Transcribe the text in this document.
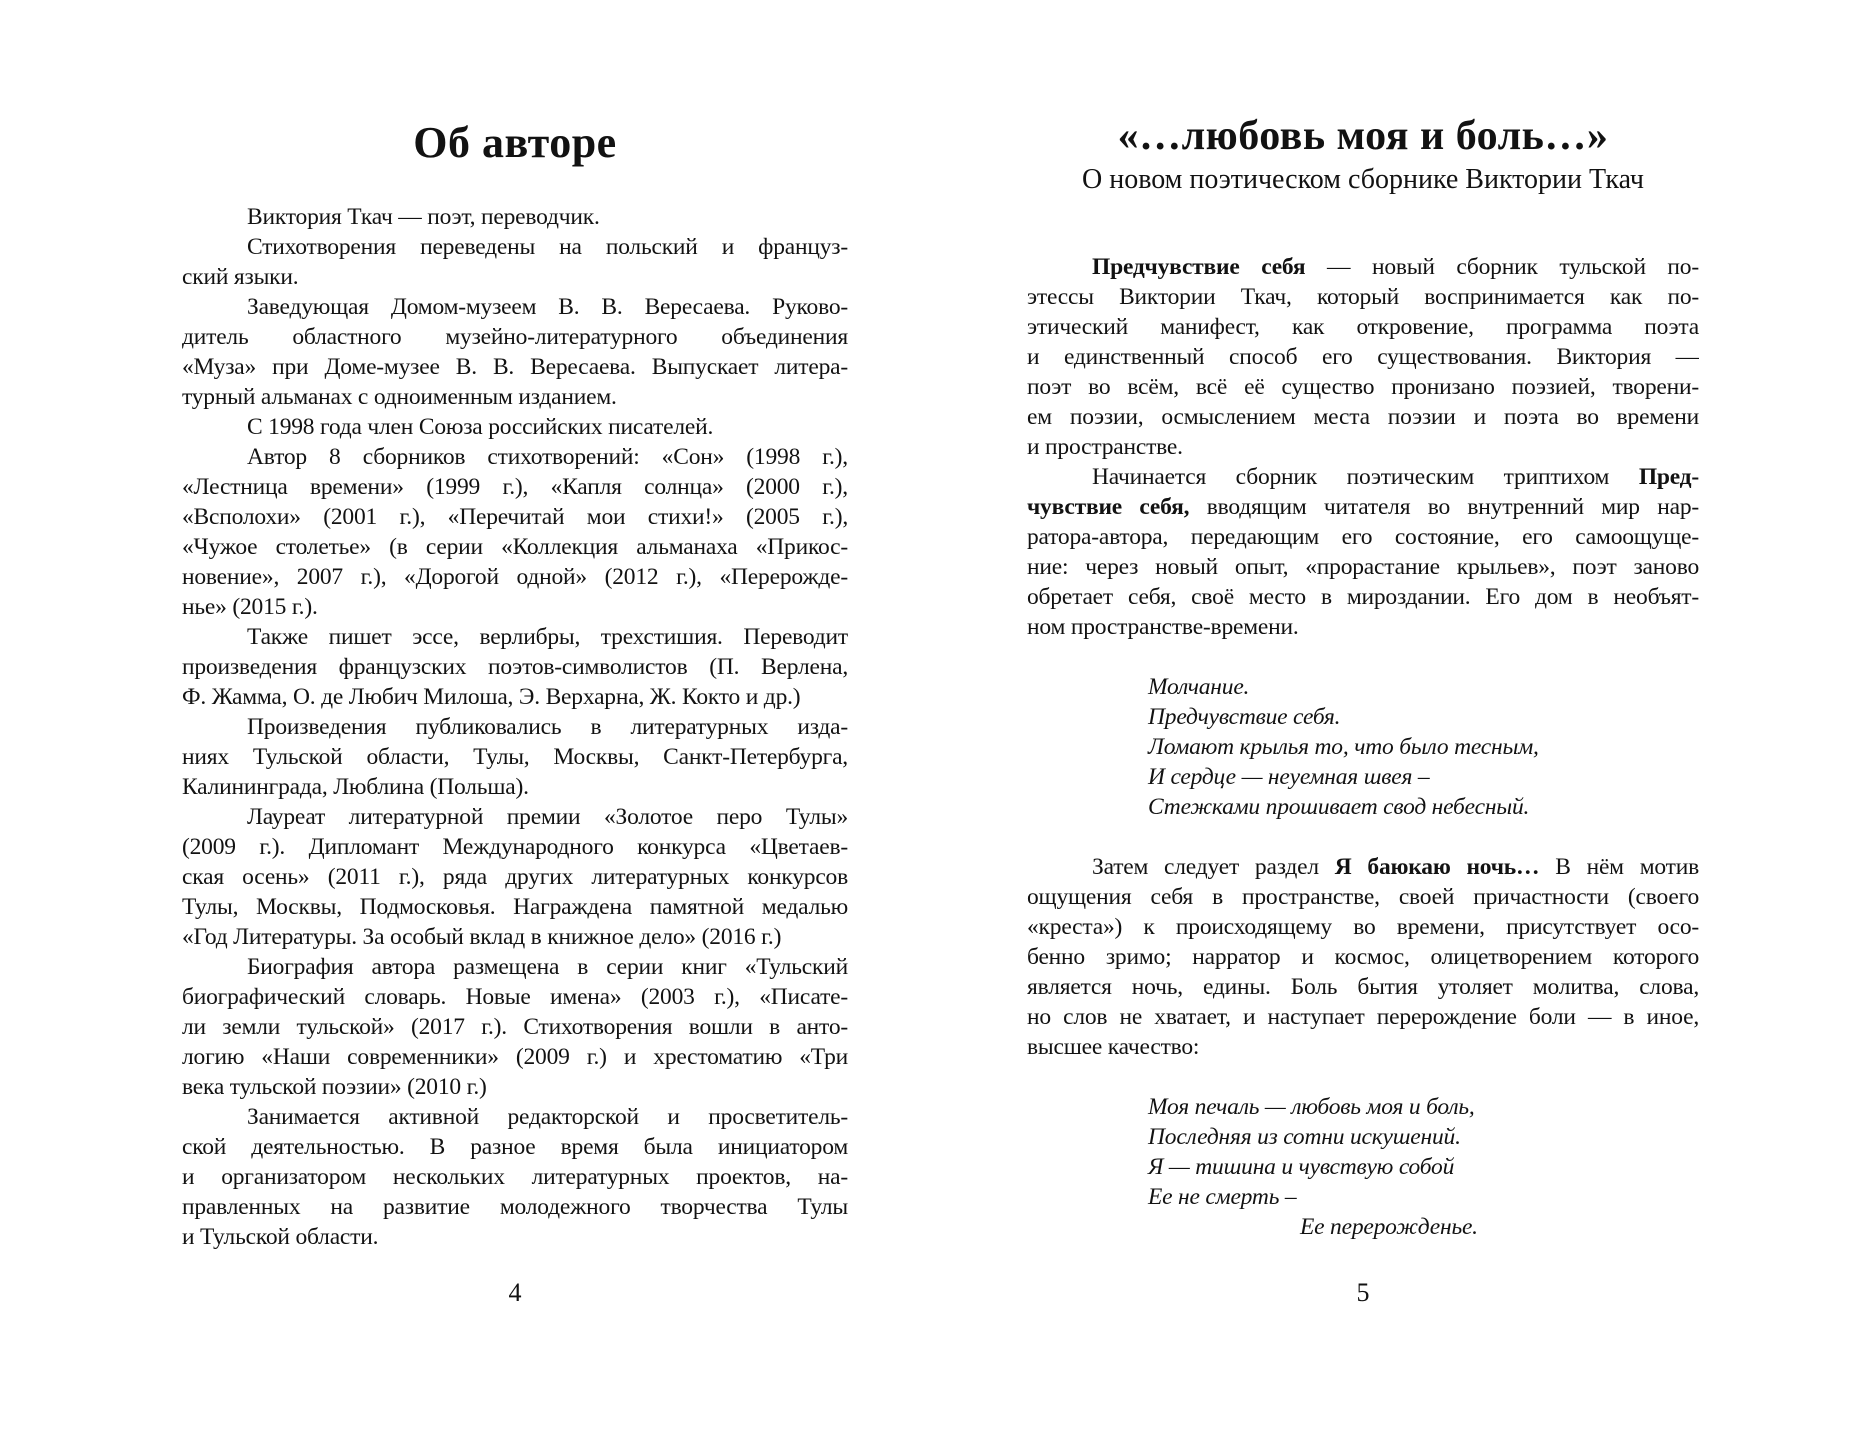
Об авторе
Виктория Ткач — поэт, переводчик.
Стихотворения переведены на польский и француз-
ский языки.
Заведующая Домом-музеем В. В. Вересаева. Руково-
дитель областного музейно-литературного объединения
«Муза» при Доме-музее В. В. Вересаева. Выпускает литера-
турный альманах с одноименным изданием.
С 1998 года член Союза российских писателей.
Автор 8 сборников стихотворений: «Сон» (1998 г.),
«Лестница времени» (1999 г.), «Капля солнца» (2000 г.),
«Всполохи» (2001 г.), «Перечитай мои стихи!» (2005 г.),
«Чужое столетье» (в серии «Коллекция альманаха «Прикос-
новение», 2007 г.), «Дорогой одной» (2012 г.), «Перерожде-
нье» (2015 г.).
Также пишет эссе, верлибры, трехстишия. Переводит
произведения французских поэтов-символистов (П. Верлена,
Ф. Жамма, О. де Любич Милоша, Э. Верхарна, Ж. Кокто и др.)
Произведения публиковались в литературных изда-
ниях Тульской области, Тулы, Москвы, Санкт-Петербурга,
Калининграда, Люблина (Польша).
Лауреат литературной премии «Золотое перо Тулы»
(2009 г.). Дипломант Международного конкурса «Цветаев-
ская осень» (2011 г.), ряда других литературных конкурсов
Тулы, Москвы, Подмосковья. Награждена памятной медалью
«Год Литературы. За особый вклад в книжное дело» (2016 г.)
Биография автора размещена в серии книг «Тульский
биографический словарь. Новые имена» (2003 г.), «Писате-
ли земли тульской» (2017 г.). Стихотворения вошли в анто-
логию «Наши современники» (2009 г.) и хрестоматию «Три
века тульской поэзии» (2010 г.)
Занимается активной редакторской и просветитель-
ской деятельностью. В разное время была инициатором
и организатором нескольких литературных проектов, на-
правленных на развитие молодежного творчества Тулы
и Тульской области.
«…любовь моя и боль…»
О новом поэтическом сборнике Виктории Ткач
Предчувствие себя — новый сборник тульской по-
этессы Виктории Ткач, который воспринимается как по-
этический манифест, как откровение, программа поэта
и единственный способ его существования. Виктория —
поэт во всём, всё её существо пронизано поэзией, творени-
ем поэзии, осмыслением места поэзии и поэта во времени
и пространстве.
Начинается сборник поэтическим триптихом Пред-
чувствие себя, вводящим читателя во внутренний мир нар-
ратора-автора, передающим его состояние, его самоощуще-
ние: через новый опыт, «прорастание крыльев», поэт заново
обретает себя, своё место в мироздании. Его дом в необъят-
ном пространстве-времени.
Молчание.
Предчувствие себя.
Ломают крылья то, что было тесным,
И сердце — неуемная швея –
Стежками прошивает свод небесный.
Затем следует раздел Я баюкаю ночь… В нём мотив
ощущения себя в пространстве, своей причастности (своего
«креста») к происходящему во времени, присутствует осо-
бенно зримо; нарратор и космос, олицетворением которого
является ночь, едины. Боль бытия утоляет молитва, слова,
но слов не хватает, и наступает перерождение боли — в иное,
высшее качество:
Моя печаль — любовь моя и боль,
Последняя из сотни искушений.
Я — тишина и чувствую собой
Ее не смерть –
Ее перерожденье.
4	5
